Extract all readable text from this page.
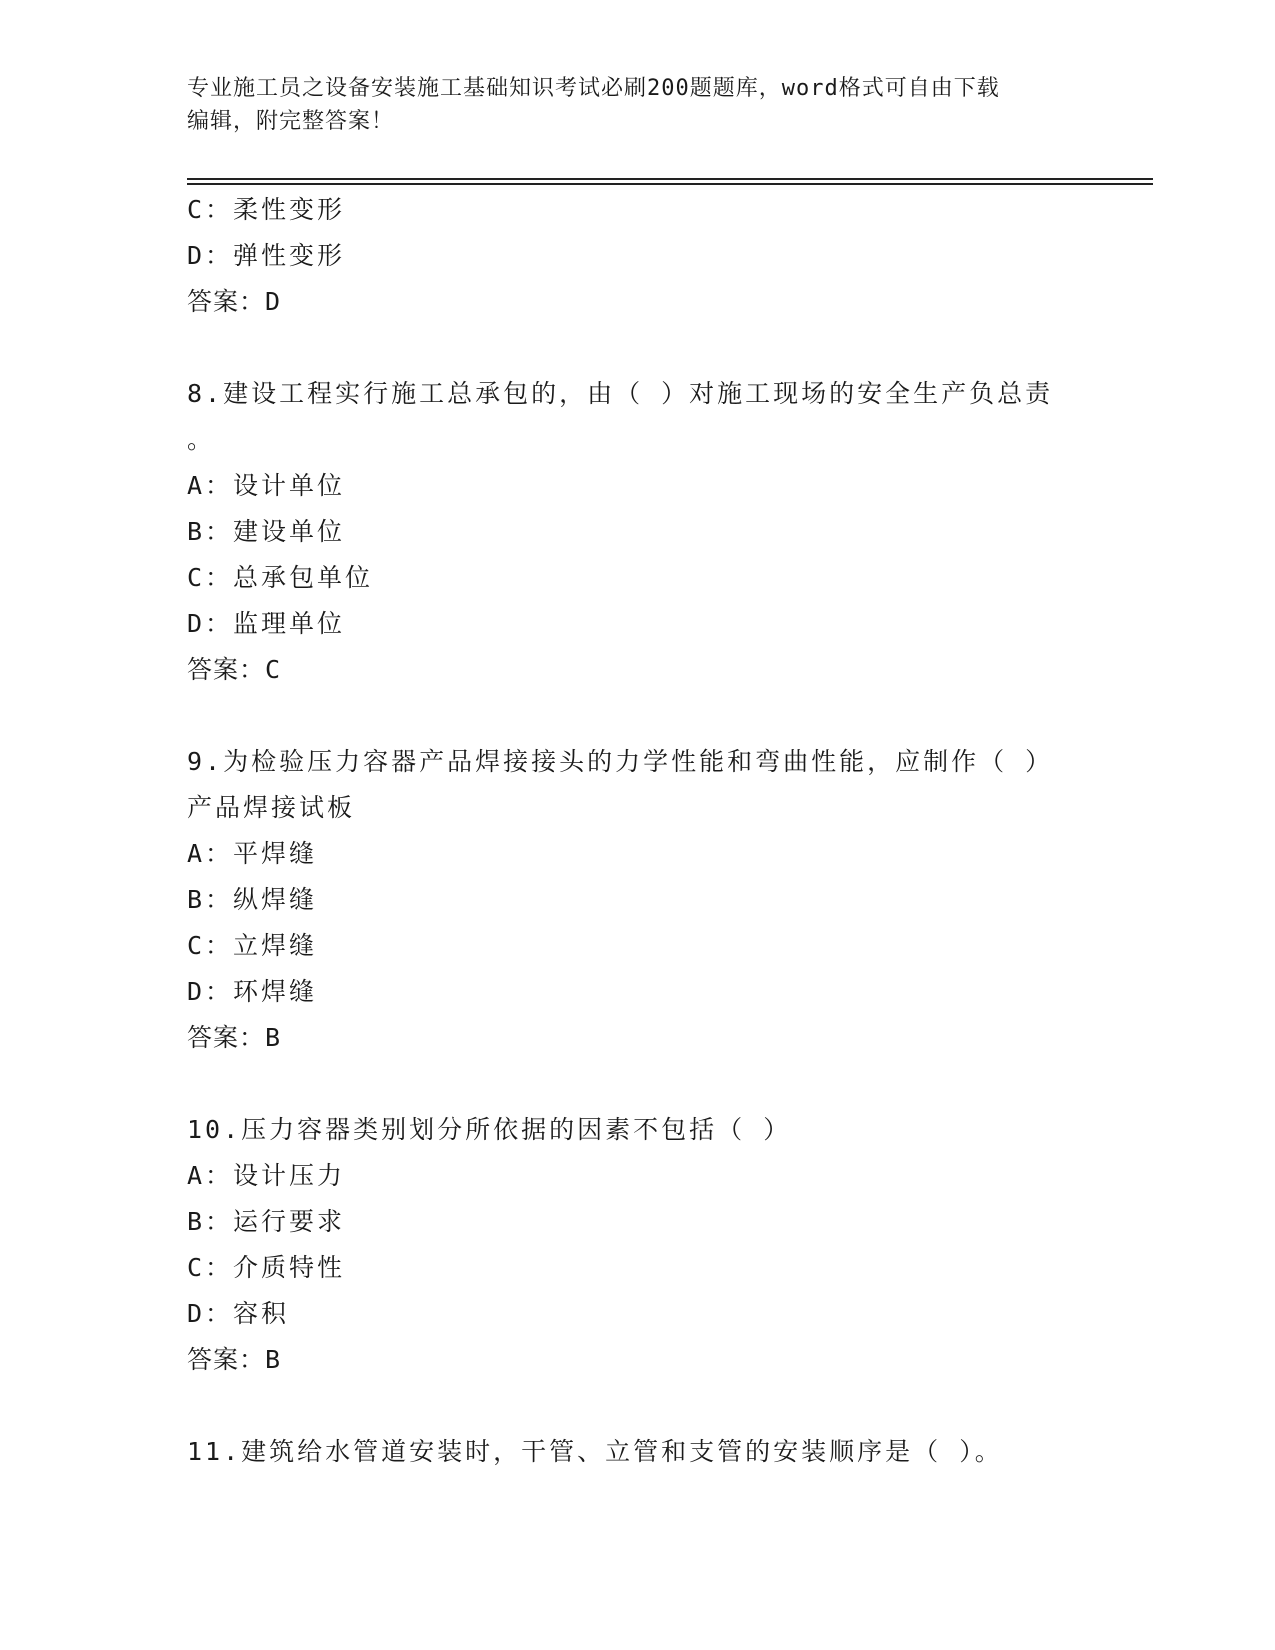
专业施工员之设备安装施工基础知识考试必刷200题题库，word格式可自由下载
编辑，附完整答案！
C：柔性变形
D：弹性变形
答案：D
8.建设工程实行施工总承包的，由（ ）对施工现场的安全生产负总责
。
A：设计单位
B：建设单位
C：总承包单位
D：监理单位
答案：C
9.为检验压力容器产品焊接接头的力学性能和弯曲性能，应制作（ ）
产品焊接试板
A：平焊缝
B：纵焊缝
C：立焊缝
D：环焊缝
答案：B
10.压力容器类别划分所依据的因素不包括（ ）
A：设计压力
B：运行要求
C：介质特性
D：容积
答案：B
11.建筑给水管道安装时，干管、立管和支管的安装顺序是（ ）。
